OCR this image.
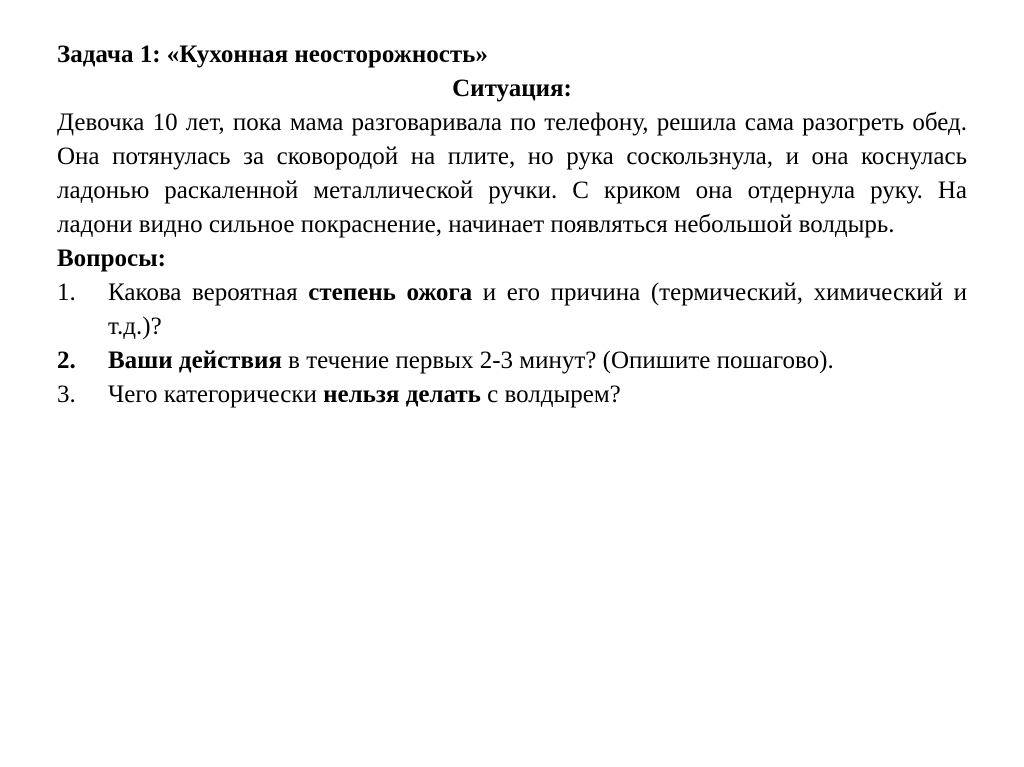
Задача 1: «Кухонная неосторожность»

Ситуация:

Девочка 10 лет, пока мама разговаривала по телефону, решила сама разогреть обед. Она потянулась за сковородой на плите, но рука соскользнула, и она коснулась ладонью раскаленной металлической ручки. С криком она отдернула руку. На ладони видно сильное покраснение, начинает появляться небольшой волдырь.

Вопросы:

1.	Какова вероятная степень ожога и его причина (термический, химический и т.д.)?
2.	Ваши действия в течение первых 2-3 минут? (Опишите пошагово).
3.	Чего категорически нельзя делать с волдырем?
